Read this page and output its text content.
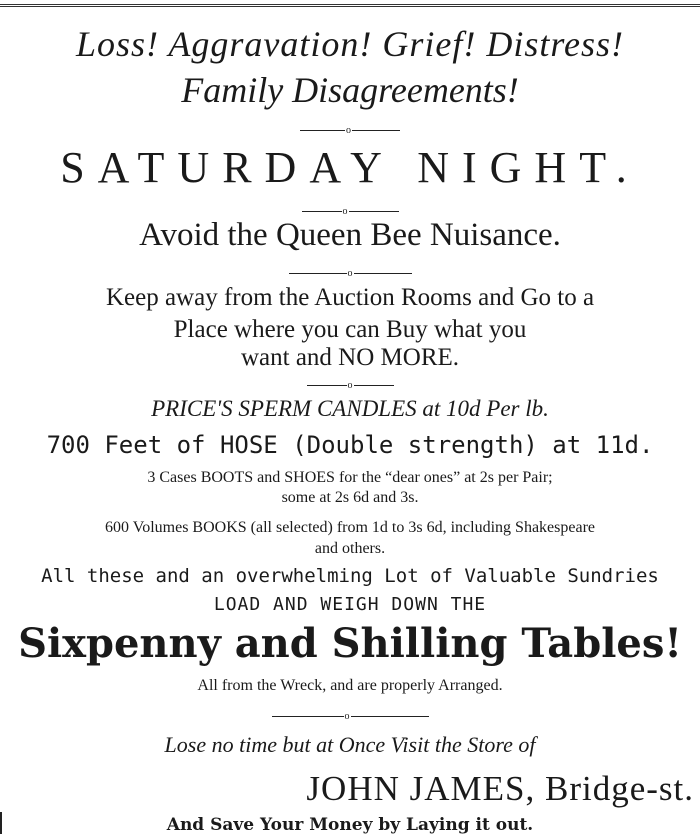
Loss! Aggravation! Grief! Distress!
Family Disagreements!
o
SATURDAY NIGHT.
o
Avoid the Queen Bee Nuisance.
o
Keep away from the Auction Rooms and Go to a
Place where you can Buy what you
want and NO MORE.
o
PRICE'S SPERM CANDLES at 10d Per lb.
700 Feet of HOSE (Double strength) at 11d.
3 Cases BOOTS and SHOES for the “dear ones” at 2s per Pair;
some at 2s 6d and 3s.
600 Volumes BOOKS (all selected) from 1d to 3s 6d, including Shakespeare
and others.
All these and an overwhelming Lot of Valuable Sundries
LOAD AND WEIGH DOWN THE
Sixpenny and Shilling Tables!
All from the Wreck, and are properly Arranged.
o
Lose no time but at Once Visit the Store of
JOHN JAMES, Bridge-st.
And Save Your Money by Laying it out.
